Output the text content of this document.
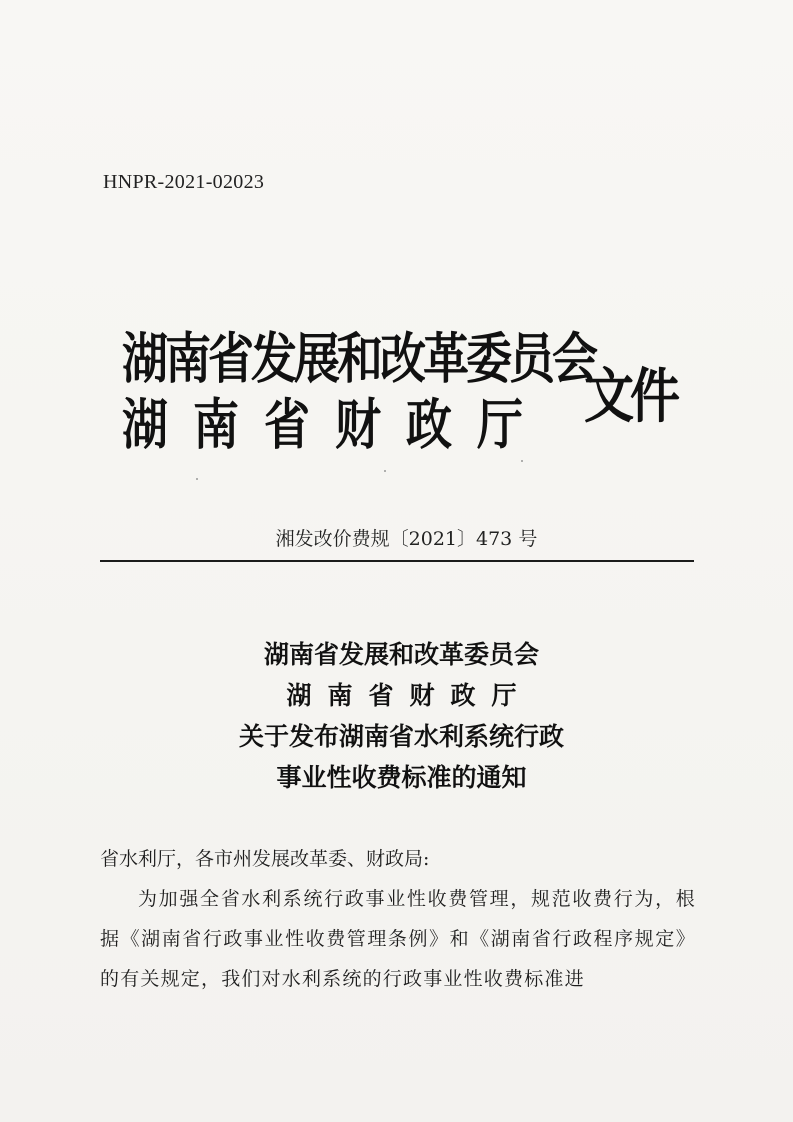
HNPR-2021-02023
湖南省发展和改革委员会
湖南省财政厅 文件
湘发改价费规〔2021〕473 号
湖南省发展和改革委员会
湖南省财政厅
关于发布湖南省水利系统行政
事业性收费标准的通知

省水利厅，各市州发展改革委、财政局:

为加强全省水利系统行政事业性收费管理，规范收费行为，根据《湖南省行政事业性收费管理条例》和《湖南省行政程序规定》的有关规定，我们对水利系统的行政事业性收费标准进
